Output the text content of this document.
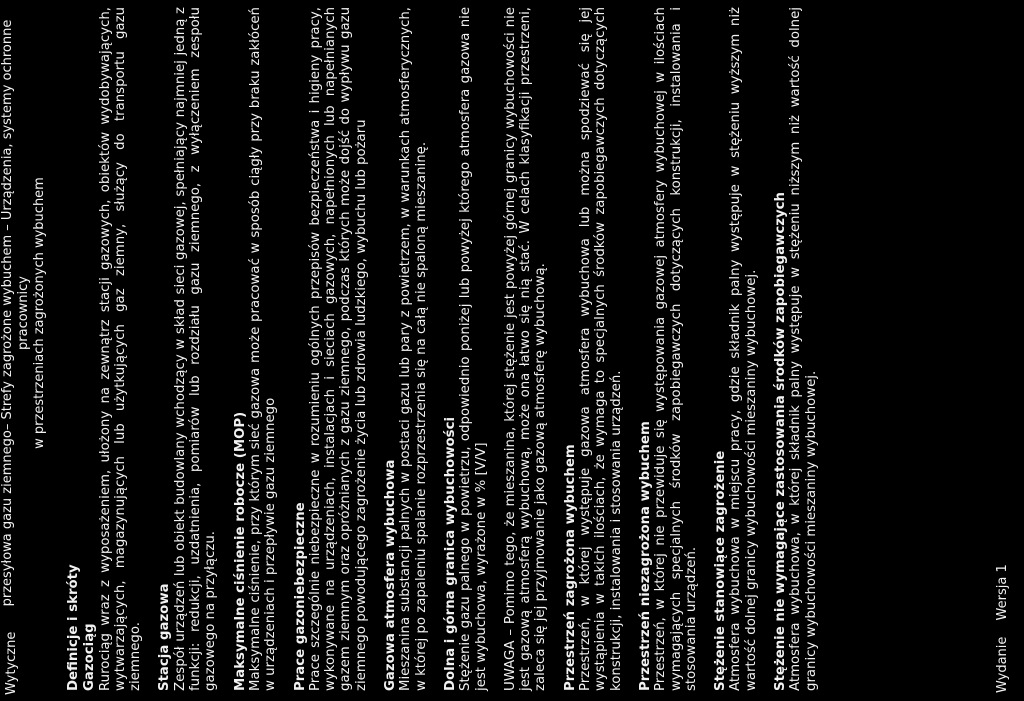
Wytyczne
przesyłowa gazu ziemnego– Strefy zagrożone wybuchem – Urządzenia, systemy ochronne pracownicy w przestrzeniach zagrożonych wybuchem
Definicje i skróty Gazociąg Rurociąg wraz z wyposażeniem, ułożony na zewnątrz stacji gazowych, obiektów wydobywających, wytwarzających, magazynujących lub użytkujących gaz ziemny, służący do transportu gazu ziemnego. Stacja gazowa Zespół urządzeń lub obiekt budowlany wchodzący w skład sieci gazowej, spełniający najmniej jedną z funkcji: redukcji, uzdatnienia, pomiarów lub rozdziału gazu ziemnego, z wyłączeniem zespołu gazowego na przyłączu. Maksymalne ciśnienie robocze (MOP) Maksymalne ciśnienie, przy którym sieć gazowa może pracować w sposób ciągły przy braku zakłóceń w urządzeniach i przepływie gazu ziemnego Prace gazoniebezpieczne Prace szczególnie niebezpieczne w rozumieniu ogólnych przepisów bezpieczeństwa i higieny pracy, wykonywane na urządzeniach, instalacjach i sieciach gazowych, napełnionych lub napełnianych gazem ziemnym oraz opróżnianych z gazu ziemnego, podczas których może dojść do wypływu gazu ziemnego powodującego zagrożenie życia lub zdrowia ludzkiego, wybuchu lub pożaru Gazowa atmosfera wybuchowa Mieszanina substancji palnych w postaci gazu lub pary z powietrzem, w warunkach atmosferycznych, w której po zapaleniu spalanie rozprzestrzenia się na całą nie spaloną mieszaninę. Dolna i górna granica wybuchowości Stężenie gazu palnego w powietrzu, odpowiednio poniżej lub powyżej którego atmosfera gazowa nie jest wybuchowa, wyrażone w % [V/V] UWAGA – Pomimo tego, że mieszanina, której stężenie jest powyżej górnej granicy wybuchowości nie jest gazową atmosferą wybuchową, może ona łatwo się nią stać. W celach klasyfikacji przestrzeni, zaleca się jej przyjmowanie jako gazową atmosferę wybuchową. Przestrzeń zagrożona wybuchem Przestrzeń, w której występuje gazowa atmosfera wybuchowa lub można spodziewać się jej wystąpienia w takich ilościach, że wymaga to specjalnych środków zapobiegawczych dotyczących konstrukcji, instalowania i stosowania urządzeń. Przestrzeń niezagrożona wybuchem Przestrzeń, w której nie przewiduje się występowania gazowej atmosfery wybuchowej w ilościach wymagających specjalnych środków zapobiegawczych dotyczących konstrukcji, instalowania i stosowania urządzeń. Stężenie stanowiące zagrożenie Atmosfera wybuchowa w miejscu pracy, gdzie składnik palny występuje w stężeniu wyższym niż wartość dolnej granicy wybuchowości mieszaniny wybuchowej. Stężenie nie wymagające zastosowania środków zapobiegawczych Atmosfera wybuchowa, w której składnik palny występuje w stężeniu niższym niż wartość dolnej granicy wybuchowości mieszaniny wybuchowej.	Wydanie Wersja 1
